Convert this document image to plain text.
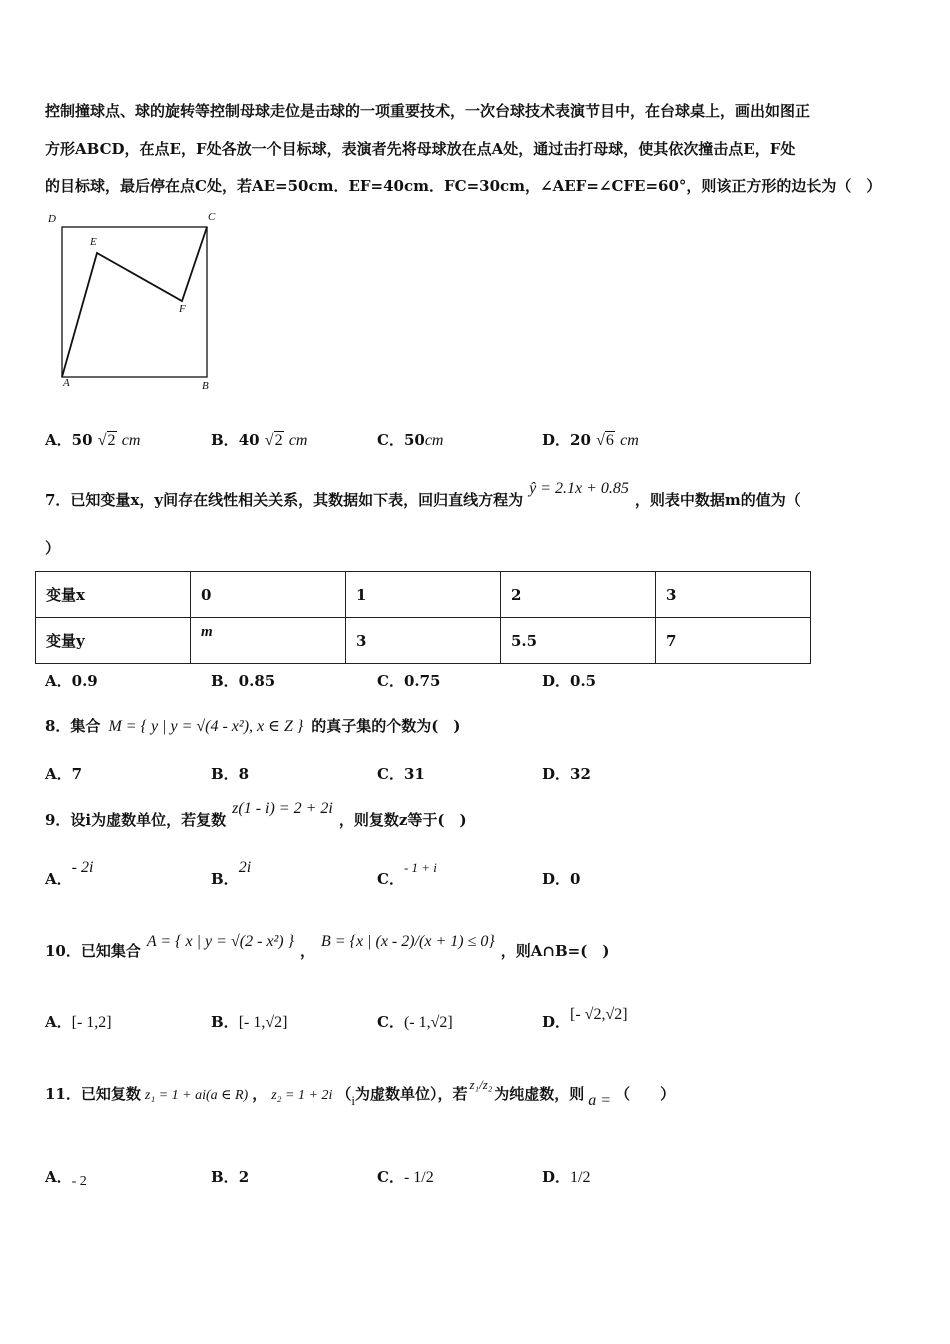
控制撞球点、球的旋转等控制母球走位是击球的一项重要技术，一次台球技术表演节目中，在台球桌上，画出如图正
方形ABCD，在点E，F处各放一个目标球，表演者先将母球放在点A处，通过击打母球，使其依次撞击点E，F处
的目标球，最后停在点C处，若AE=50cm．EF=40cm．FC=30cm，∠AEF=∠CFE=60°，则该正方形的边长为（　）
D	C
E
F
A	B
A．50 √2 cm	B．40 √2 cm	C．50cm	D．20 √6 cm
7．已知变量x，y间存在线性相关关系，其数据如下表，回归直线方程为ŷ = 2.1x + 0.85，则表中数据m的值为（
）
变量x	0	1	2	3
变量y	m	3	5.5	7
A．0.9	B．0.85	C．0.75	D．0.5
8．集合 M = { y | y = √(4 - x²), x ∈ Z } 的真子集的个数为(　)
A．7	B．8	C．31	D．32
9．设i为虚数单位，若复数z(1 - i) = 2 + 2i，则复数z等于(　)
A．- 2i
B．2i
C．- 1 + i
D．0
10．已知集合A = { x | y = √(2 - x²) }，B = {x | (x - 2)/(x + 1) ≤ 0}，则A∩B=(　)
A．[- 1,2]	B．[- 1,√2]	C．(- 1,√2]	D．[- √2,√2]
11．已知复数 z₁ = 1 + ai(a ∈ R) ， z₂ = 1 + 2i （i为虚数单位），若z₁/z₂为纯虚数，则 a = （　　）
A．- 2	B．2	C．- 1/2	D．1/2
